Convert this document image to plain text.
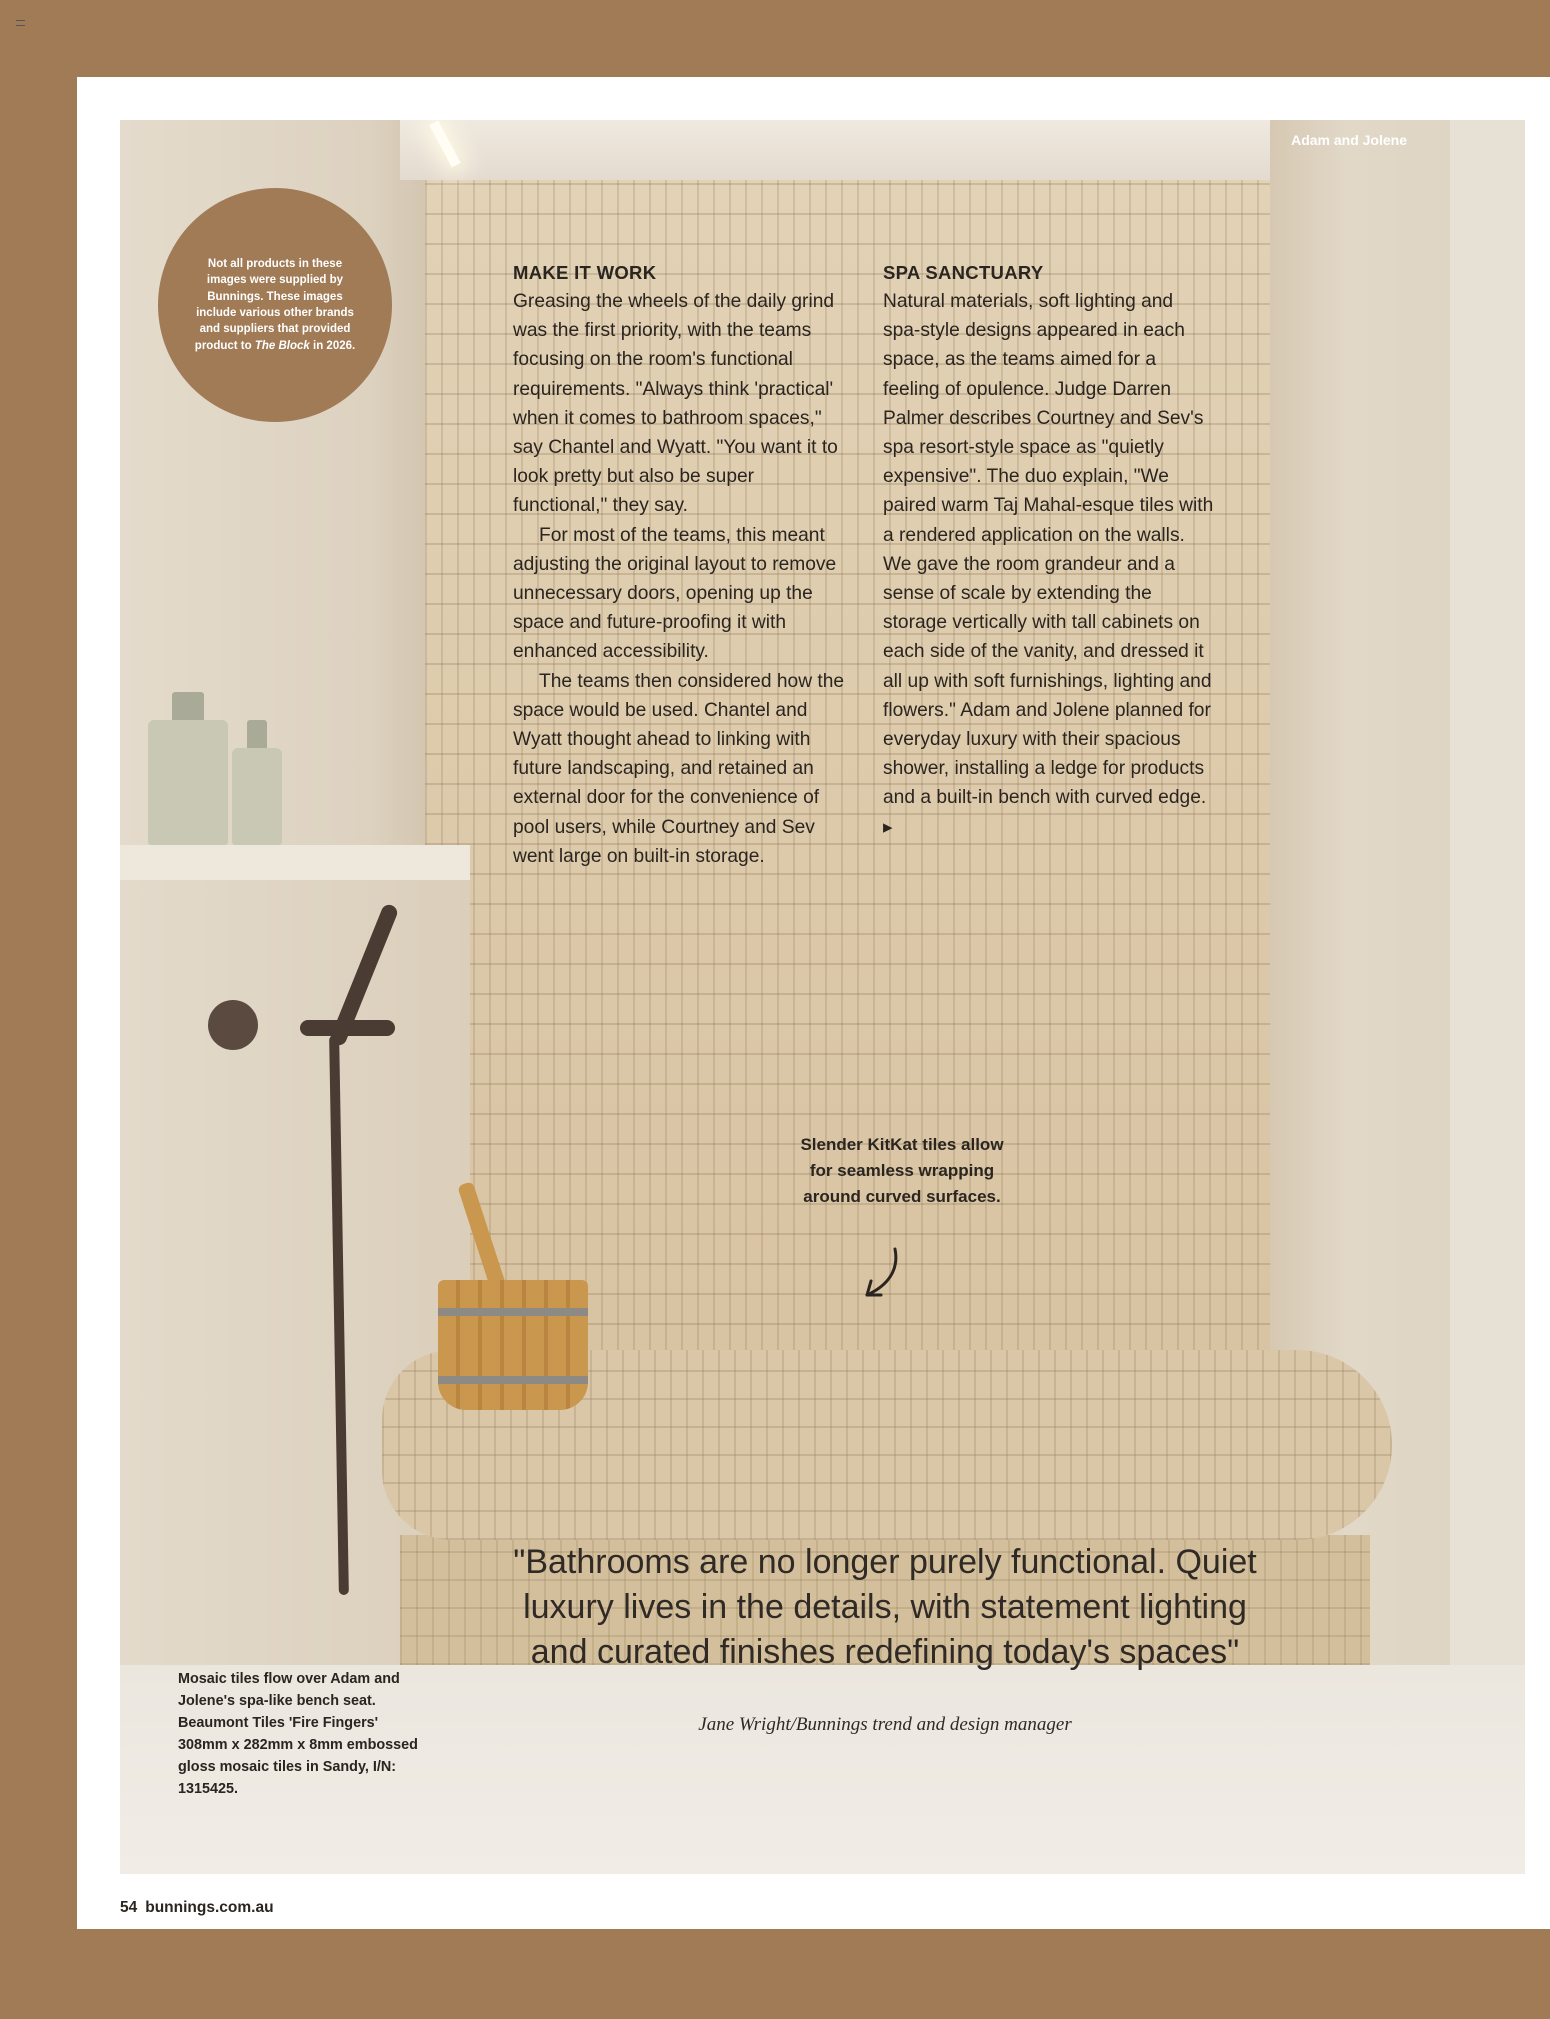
Adam and Jolene
Not all products in these images were supplied by Bunnings. These images include various other brands and suppliers that provided product to The Block in 2026.
MAKE IT WORK

Greasing the wheels of the daily grind was the first priority, with the teams focusing on the room's functional requirements. "Always think 'practical' when it comes to bathroom spaces," say Chantel and Wyatt. "You want it to look pretty but also be super functional," they say.

For most of the teams, this meant adjusting the original layout to remove unnecessary doors, opening up the space and future-proofing it with enhanced accessibility.

The teams then considered how the space would be used. Chantel and Wyatt thought ahead to linking with future landscaping, and retained an external door for the convenience of pool users, while Courtney and Sev went large on built-in storage.

SPA SANCTUARY

Natural materials, soft lighting and spa-style designs appeared in each space, as the teams aimed for a feeling of opulence. Judge Darren Palmer describes Courtney and Sev's spa resort-style space as "quietly expensive". The duo explain, "We paired warm Taj Mahal-esque tiles with a rendered application on the walls. We gave the room grandeur and a sense of scale by extending the storage vertically with tall cabinets on each side of the vanity, and dressed it all up with soft furnishings, lighting and flowers." Adam and Jolene planned for everyday luxury with their spacious shower, installing a ledge for products and a built-in bench with curved edge. ▸

Slender KitKat tiles allow for seamless wrapping around curved surfaces.
"Bathrooms are no longer purely functional. Quiet luxury lives in the details, with statement lighting and curated finishes redefining today's spaces"
Jane Wright/Bunnings trend and design manager
Mosaic tiles flow over Adam and Jolene's spa-like bench seat. Beaumont Tiles 'Fire Fingers' 308mm x 282mm x 8mm embossed gloss mosaic tiles in Sandy, I/N: 1315425.
54 bunnings.com.au
